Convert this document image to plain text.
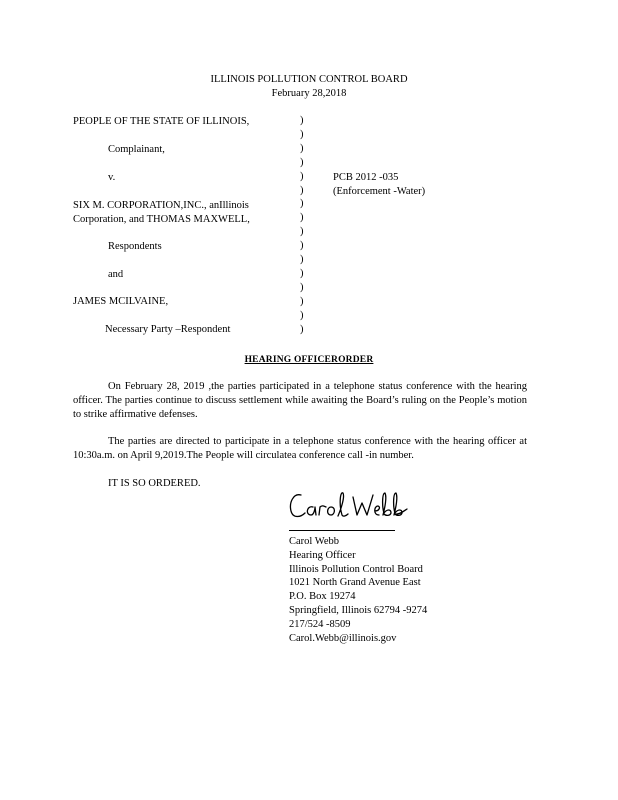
ILLINOIS POLLUTION CONTROL BOARD
February 28,2018
PEOPLE OF THE STATE OF ILLINOIS,
Complainant,
v.
SIX M. CORPORATION,INC., anIllinois
Corporation, and THOMAS MAXWELL,
Respondents
and
JAMES MCILVAINE,
Necessary Party –Respondent
)
)
)
)
)
)
)
)
)
)
)
)
)
)
)
)
PCB 2012 -035
(Enforcement -Water)
HEARING OFFICERORDER
On February 28, 2019 ,the parties participated in a telephone status conference with the hearing officer. The parties continue to discuss settlement while awaiting the Board’s ruling on the People’s motion to strike affirmative defenses.
The parties are directed to participate in a telephone status conference with the hearing officer at 10:30a.m. on April 9,2019.The People will circulatea conference call -in number.
IT IS SO ORDERED.
Carol Webb
Hearing Officer
Illinois Pollution Control Board
1021 North Grand Avenue East
P.O. Box 19274
Springfield, Illinois 62794 -9274
217/524 -8509
Carol.Webb@illinois.gov
